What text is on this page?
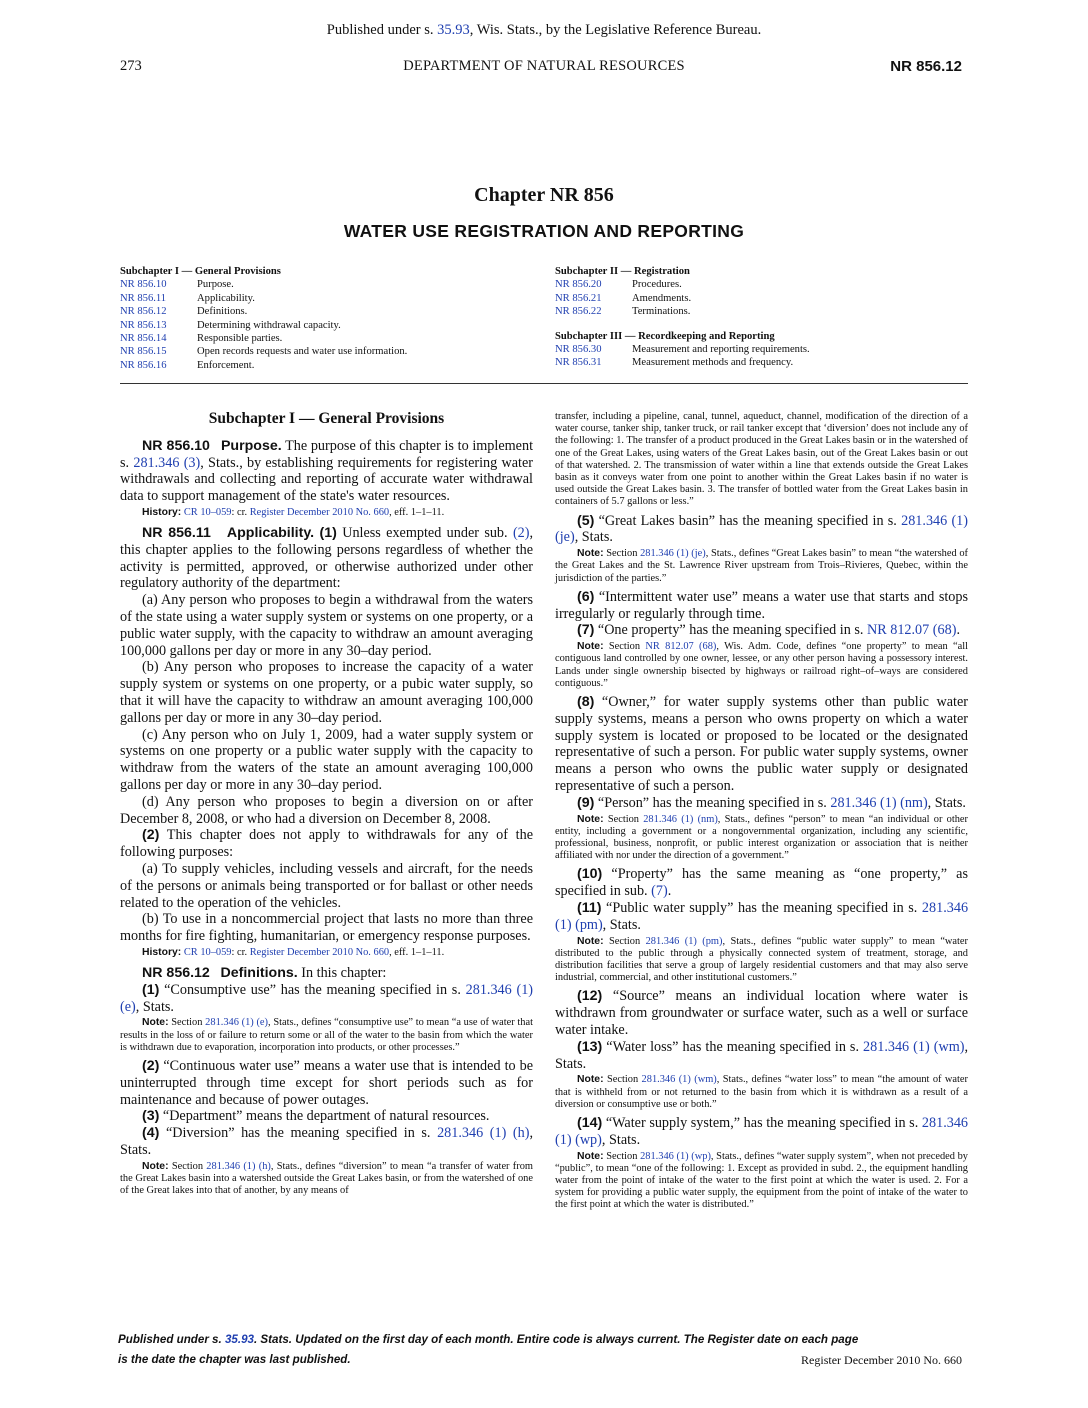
Published under s. 35.93, Wis. Stats., by the Legislative Reference Bureau.
273	DEPARTMENT OF NATURAL RESOURCES	NR 856.12
Chapter NR 856
WATER USE REGISTRATION AND REPORTING
Subchapter I — General Provisions
NR 856.10	Purpose.
NR 856.11	Applicability.
NR 856.12	Definitions.
NR 856.13	Determining withdrawal capacity.
NR 856.14	Responsible parties.
NR 856.15	Open records requests and water use information.
NR 856.16	Enforcement.
Subchapter II — Registration
NR 856.20	Procedures.
NR 856.21	Amendments.
NR 856.22	Terminations.
Subchapter III — Recordkeeping and Reporting
NR 856.30	Measurement and reporting requirements.
NR 856.31	Measurement methods and frequency.
Subchapter I — General Provisions

NR 856.10 Purpose. The purpose of this chapter is to implement s. 281.346 (3), Stats., by establishing requirements for registering water withdrawals and collecting and reporting of accurate water withdrawal data to support management of the state's water resources.

History: CR 10–059: cr. Register December 2010 No. 660, eff. 1–1–11.

NR 856.11 Applicability. (1) Unless exempted under sub. (2), this chapter applies to the following persons regardless of whether the activity is permitted, approved, or otherwise authorized under other regulatory authority of the department:

(a) Any person who proposes to begin a withdrawal from the waters of the state using a water supply system or systems on one property, or a public water supply, with the capacity to withdraw an amount averaging 100,000 gallons per day or more in any 30–day period.

(b) Any person who proposes to increase the capacity of a water supply system or systems on one property, or a pubic water supply, so that it will have the capacity to withdraw an amount averaging 100,000 gallons per day or more in any 30–day period.

(c) Any person who on July 1, 2009, had a water supply system or systems on one property or a public water supply with the capacity to withdraw from the waters of the state an amount averaging 100,000 gallons per day or more in any 30–day period.

(d) Any person who proposes to begin a diversion on or after December 8, 2008, or who had a diversion on December 8, 2008.

(2) This chapter does not apply to withdrawals for any of the following purposes:

(a) To supply vehicles, including vessels and aircraft, for the needs of the persons or animals being transported or for ballast or other needs related to the operation of the vehicles.

(b) To use in a noncommercial project that lasts no more than three months for fire fighting, humanitarian, or emergency response purposes.

History: CR 10–059: cr. Register December 2010 No. 660, eff. 1–1–11.

NR 856.12 Definitions. In this chapter:

(1) “Consumptive use” has the meaning specified in s. 281.346 (1) (e), Stats.

Note: Section 281.346 (1) (e), Stats., defines “consumptive use” to mean “a use of water that results in the loss of or failure to return some or all of the water to the basin from which the water is withdrawn due to evaporation, incorporation into products, or other processes.”

(2) “Continuous water use” means a water use that is intended to be uninterrupted through time except for short periods such as for maintenance and because of power outages.

(3) “Department” means the department of natural resources.

(4) “Diversion” has the meaning specified in s. 281.346 (1) (h), Stats.

Note: Section 281.346 (1) (h), Stats., defines “diversion” to mean “a transfer of water from the Great Lakes basin into a watershed outside the Great Lakes basin, or from the watershed of one of the Great lakes into that of another, by any means of
transfer, including a pipeline, canal, tunnel, aqueduct, channel, modification of the direction of a water course, tanker ship, tanker truck, or rail tanker except that ‘diversion’ does not include any of the following: 1. The transfer of a product produced in the Great Lakes basin or in the watershed of one of the Great Lakes, using waters of the Great Lakes basin, out of the Great Lakes basin or out of that watershed. 2. The transmission of water within a line that extends outside the Great Lakes basin as it conveys water from one point to another within the Great Lakes basin if no water is used outside the Great Lakes basin. 3. The transfer of bottled water from the Great Lakes basin in containers of 5.7 gallons or less.”

(5) “Great Lakes basin” has the meaning specified in s. 281.346 (1) (je), Stats.

Note: Section 281.346 (1) (je), Stats., defines “Great Lakes basin” to mean “the watershed of the Great Lakes and the St. Lawrence River upstream from Trois–Rivieres, Quebec, within the jurisdiction of the parties.”

(6) “Intermittent water use” means a water use that starts and stops irregularly or regularly through time.

(7) “One property” has the meaning specified in s. NR 812.07 (68).

Note: Section NR 812.07 (68), Wis. Adm. Code, defines “one property” to mean “all contiguous land controlled by one owner, lessee, or any other person having a possessory interest. Lands under single ownership bisected by highways or railroad right–of–ways are considered contiguous.”

(8) “Owner,” for water supply systems other than public water supply systems, means a person who owns property on which a water supply system is located or proposed to be located or the designated representative of such a person. For public water supply systems, owner means a person who owns the public water supply or designated representative of such a person.

(9) “Person” has the meaning specified in s. 281.346 (1) (nm), Stats.

Note: Section 281.346 (1) (nm), Stats., defines “person” to mean “an individual or other entity, including a government or a nongovernmental organization, including any scientific, professional, business, nonprofit, or public interest organization or association that is neither affiliated with nor under the direction of a government.”

(10) “Property” has the same meaning as “one property,” as specified in sub. (7).

(11) “Public water supply” has the meaning specified in s. 281.346 (1) (pm), Stats.

Note: Section 281.346 (1) (pm), Stats., defines “public water supply” to mean “water distributed to the public through a physically connected system of treatment, storage, and distribution facilities that serve a group of largely residential customers and that may also serve industrial, commercial, and other institutional customers.”

(12) “Source” means an individual location where water is withdrawn from groundwater or surface water, such as a well or surface water intake.

(13) “Water loss” has the meaning specified in s. 281.346 (1) (wm), Stats.

Note: Section 281.346 (1) (wm), Stats., defines “water loss” to mean “the amount of water that is withheld from or not returned to the basin from which it is withdrawn as a result of a diversion or consumptive use or both.”

(14) “Water supply system,” has the meaning specified in s. 281.346 (1) (wp), Stats.

Note: Section 281.346 (1) (wp), Stats., defines “water supply system”, when not preceded by “public”, to mean “one of the following: 1. Except as provided in subd. 2., the equipment handling water from the point of intake of the water to the first point at which the water is used. 2. For a system for providing a public water supply, the equipment from the point of intake of the water to the first point at which the water is distributed.”
Published under s. 35.93. Stats. Updated on the first day of each month. Entire code is always current. The Register date on each page
is the date the chapter was last published.	Register December 2010 No. 660
